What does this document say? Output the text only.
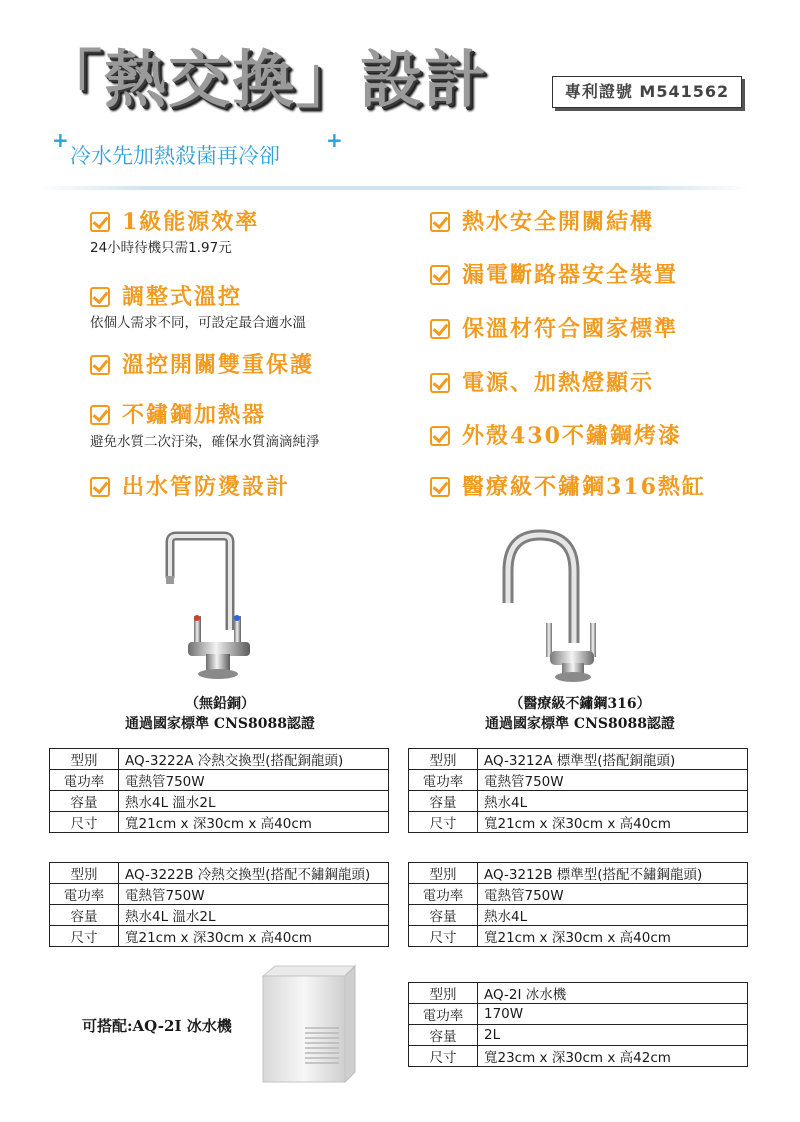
「熱交換」設計	專利證號 M541562
+
冷水先加熱殺菌再冷卻
+
1級能源效率
24小時待機只需1.97元
調整式溫控
依個人需求不同，可設定最合適水溫
溫控開關雙重保護
不鏽鋼加熱器
避免水質二次汙染，確保水質滴滴純淨
出水管防燙設計
熱水安全開關結構
漏電斷路器安全裝置
保溫材符合國家標準
電源、加熱燈顯示
外殼430不鏽鋼烤漆
醫療級不鏽鋼316熱缸
（無鉛銅）
通過國家標準 CNS8088認證
（醫療級不鏽鋼316）
通過國家標準 CNS8088認證
型別	AQ-3222A 冷熱交換型(搭配銅龍頭)
電功率	電熱管750W
容量	熱水4L 溫水2L
尺寸	寬21cm x 深30cm x 高40cm
型別	AQ-3212A 標準型(搭配銅龍頭)
電功率	電熱管750W
容量	熱水4L
尺寸	寬21cm x 深30cm x 高40cm
型別	AQ-3222B 冷熱交換型(搭配不鏽鋼龍頭)
電功率	電熱管750W
容量	熱水4L 溫水2L
尺寸	寬21cm x 深30cm x 高40cm
型別	AQ-3212B 標準型(搭配不鏽鋼龍頭)
電功率	電熱管750W
容量	熱水4L
尺寸	寬21cm x 深30cm x 高40cm
可搭配:AQ-2I 冰水機
型別	AQ-2I 冰水機
電功率	170W
容量	2L
尺寸	寬23cm x 深30cm x 高42cm
